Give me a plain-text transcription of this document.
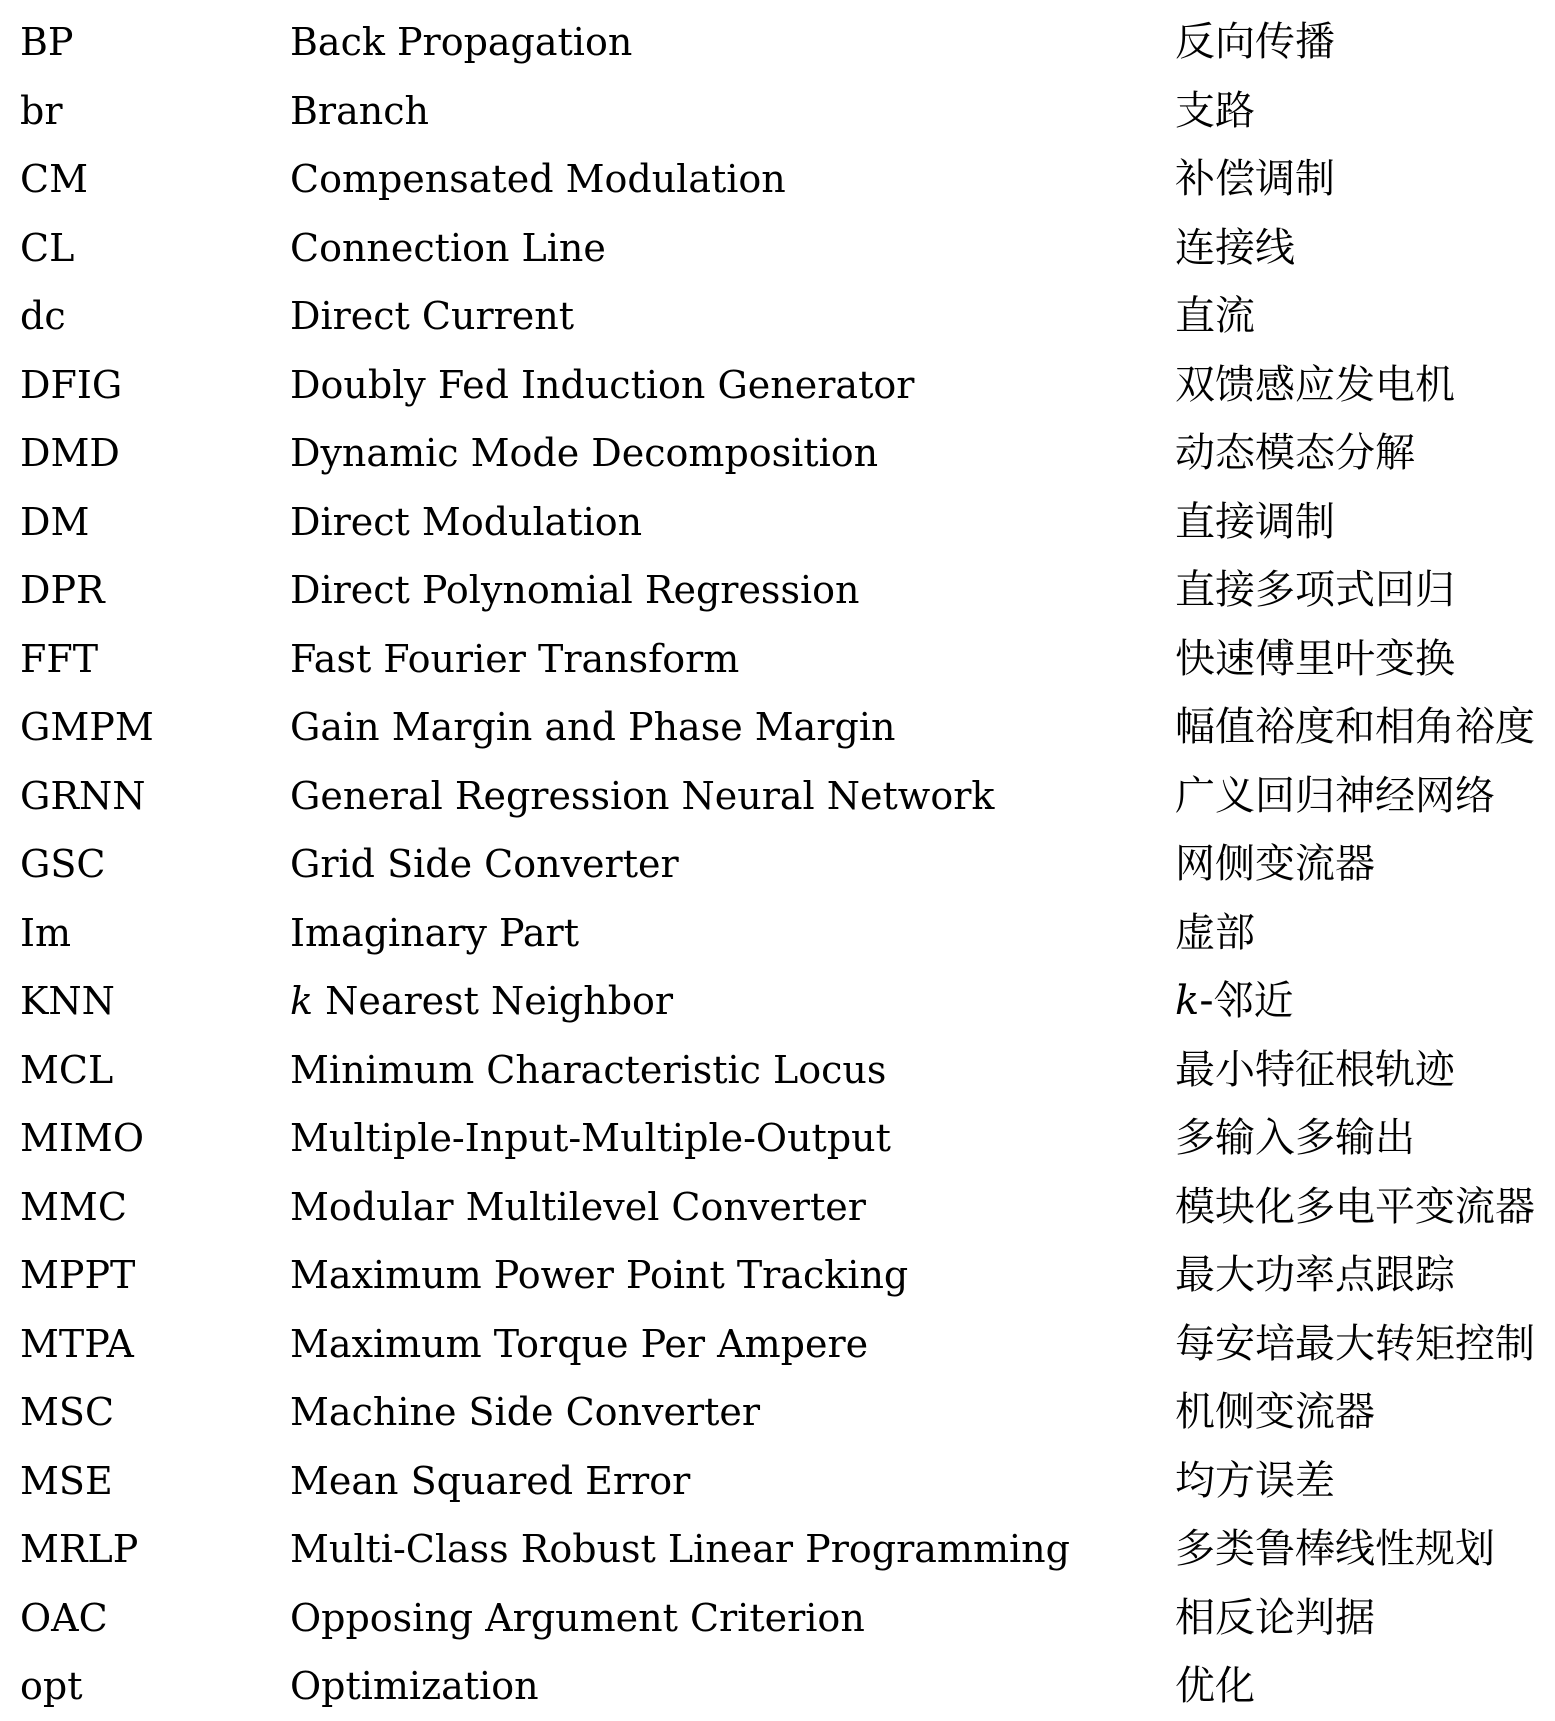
BP	Back Propagation	反向传播
br	Branch	支路
CM	Compensated Modulation	补偿调制
CL	Connection Line	连接线
dc	Direct Current	直流
DFIG	Doubly Fed Induction Generator	双馈感应发电机
DMD	Dynamic Mode Decomposition	动态模态分解
DM	Direct Modulation	直接调制
DPR	Direct Polynomial Regression	直接多项式回归
FFT	Fast Fourier Transform	快速傅里叶变换
GMPM	Gain Margin and Phase Margin	幅值裕度和相角裕度
GRNN	General Regression Neural Network	广义回归神经网络
GSC	Grid Side Converter	网侧变流器
Im	Imaginary Part	虚部
KNN	k Nearest Neighbor	k-邻近
MCL	Minimum Characteristic Locus	最小特征根轨迹
MIMO	Multiple-Input-Multiple-Output	多输入多输出
MMC	Modular Multilevel Converter	模块化多电平变流器
MPPT	Maximum Power Point Tracking	最大功率点跟踪
MTPA	Maximum Torque Per Ampere	每安培最大转矩控制
MSC	Machine Side Converter	机侧变流器
MSE	Mean Squared Error	均方误差
MRLP	Multi-Class Robust Linear Programming	多类鲁棒线性规划
OAC	Opposing Argument Criterion	相反论判据
opt	Optimization	优化
